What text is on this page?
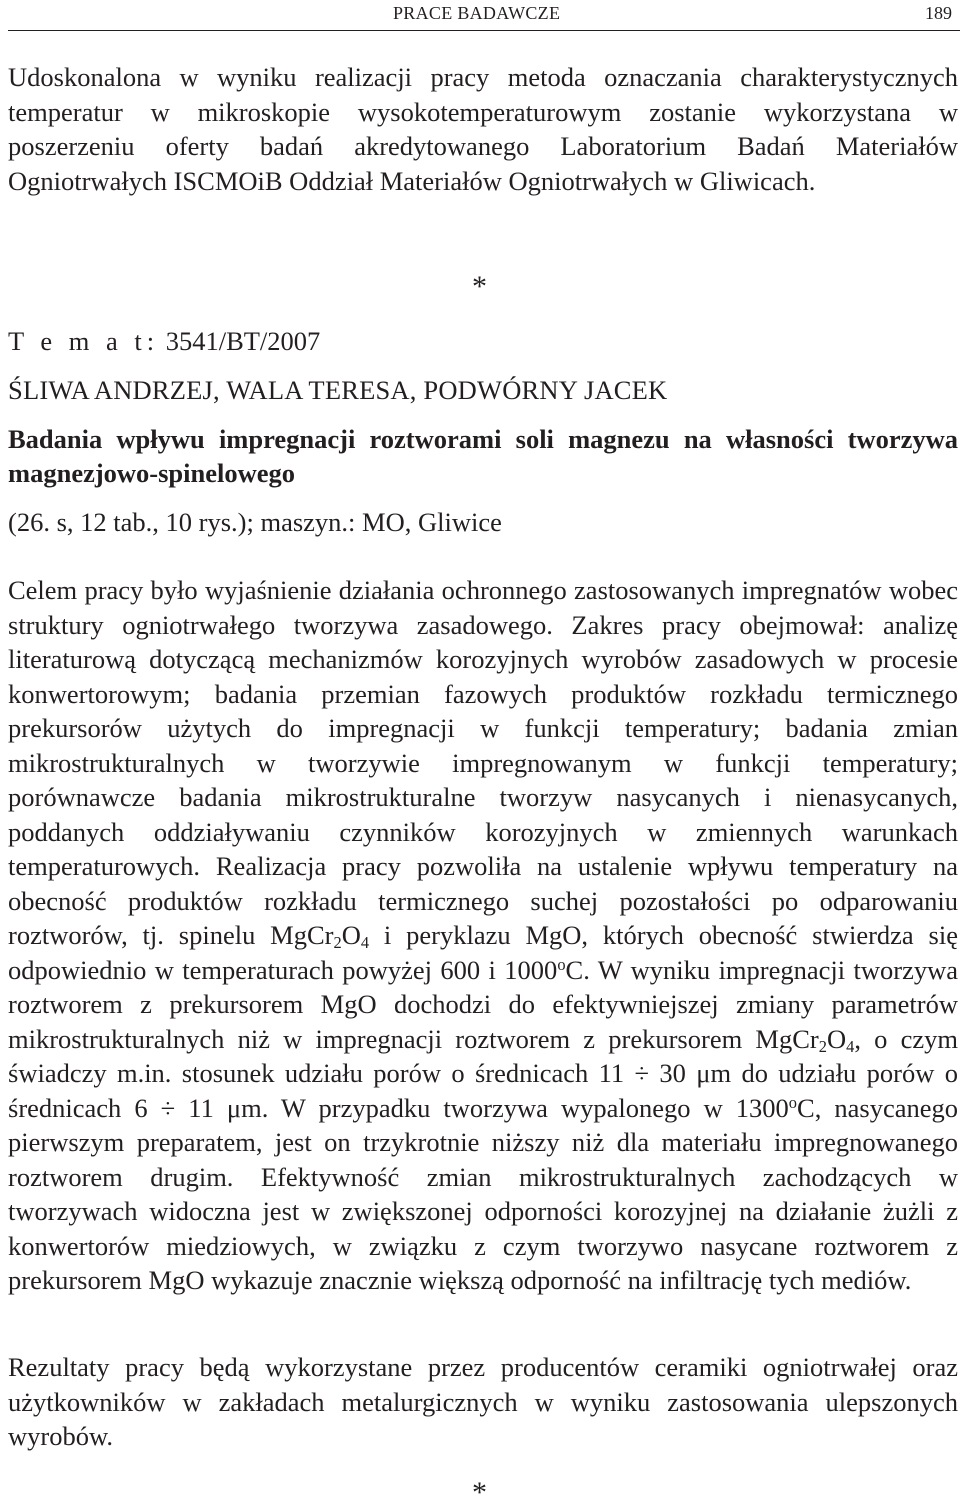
PRACE BADAWCZE	189

Udoskonalona w wyniku realizacji pracy metoda oznaczania charakterystycznych temperatur w mikroskopie wysokotemperaturowym zostanie wykorzystana w poszerzeniu oferty badań akredytowanego Laboratorium Badań Materiałów Ogniotrwałych ISCMOiB Oddział Materiałów Ogniotrwałych w Gliwicach.

*
T e m a t: 3541/BT/2007
ŚLIWA ANDRZEJ, WALA TERESA, PODWÓRNY JACEK

Badania wpływu impregnacji roztworami soli magnezu na własności tworzywa magnezjowo-spinelowego

(26. s, 12 tab., 10 rys.); maszyn.: MO, Gliwice

Celem pracy było wyjaśnienie działania ochronnego zastosowanych impregnatów wobec struktury ogniotrwałego tworzywa zasadowego. Zakres pracy obejmował: analizę literaturową dotyczącą mechanizmów korozyjnych wyrobów zasadowych w procesie konwertorowym; badania przemian fazowych produktów rozkładu termicznego prekursorów użytych do impregnacji w funkcji temperatury; badania zmian mikrostrukturalnych w tworzywie impregnowanym w funkcji temperatury; porównawcze badania mikrostrukturalne tworzyw nasycanych i nienasycanych, poddanych oddziaływaniu czynników korozyjnych w zmiennych warunkach temperaturowych. Realizacja pracy pozwoliła na ustalenie wpływu temperatury na obecność produktów rozkładu termicznego suchej pozostałości po odparowaniu roztworów, tj. spinelu $MgCr_2O_4$ i peryklazu MgO, których obecność stwierdza się odpowiednio w temperaturach powyżej 600 i 1000$^o$C. W wyniku impregnacji tworzywa roztworem z prekursorem MgO dochodzi do efektywniejszej zmiany parametrów mikrostrukturalnych niż w impregnacji roztworem z prekursorem $MgCr_2O_4$, o czym świadczy m.in. stosunek udziału porów o średnicach 11 ÷ 30 μm do udziału porów o średnicach 6 ÷ 11 μm. W przypadku tworzywa wypalonego w 1300$^o$C, nasycanego pierwszym preparatem, jest on trzykrotnie niższy niż dla materiału impregnowanego roztworem drugim. Efektywność zmian mikrostrukturalnych zachodzących w tworzywach widoczna jest w zwiększonej odporności korozyjnej na działanie żużli z konwertorów miedziowych, w związku z czym tworzywo nasycane roztworem z prekursorem MgO wykazuje znacznie większą odporność na infiltrację tych mediów.

Rezultaty pracy będą wykorzystane przez producentów ceramiki ogniotrwałej oraz użytkowników w zakładach metalurgicznych w wyniku zastosowania ulepszonych wyrobów.

*
